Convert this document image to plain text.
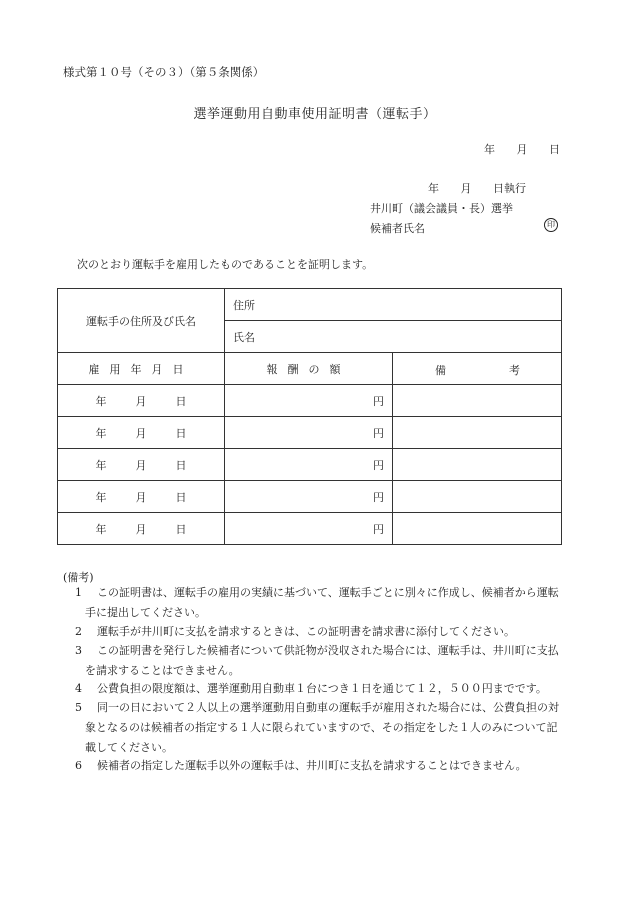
様式第１０号（その３）（第５条関係）
選挙運動用自動車使用証明書（運転手）
年 月 日
年 月 日執行
井川町（議会議員・長）選挙
候補者氏名	印
次のとおり運転手を雇用したものであることを証明します。
運転手の住所及び氏名	住所	
	氏名	
雇用年月日	報酬の額	備 考

年 月 日	円	
年 月 日	円	
年 月 日	円	
年 月 日	円	
年 月 日	円	
(備考)
1	この証明書は、運転手の雇用の実績に基づいて、運転手ごとに別々に作成し、候補者から運転
手に提出してください。
2	運転手が井川町に支払を請求するときは、この証明書を請求書に添付してください。
3	この証明書を発行した候補者について供託物が没収された場合には、運転手は、井川町に支払
を請求することはできません。
4	公費負担の限度額は、選挙運動用自動車１台につき１日を通じて１２，５００円までです。
5	同一の日において２人以上の選挙運動用自動車の運転手が雇用された場合には、公費負担の対
象となるのは候補者の指定する１人に限られていますので、その指定をした１人のみについて記
載してください。
6	候補者の指定した運転手以外の運転手は、井川町に支払を請求することはできません。
